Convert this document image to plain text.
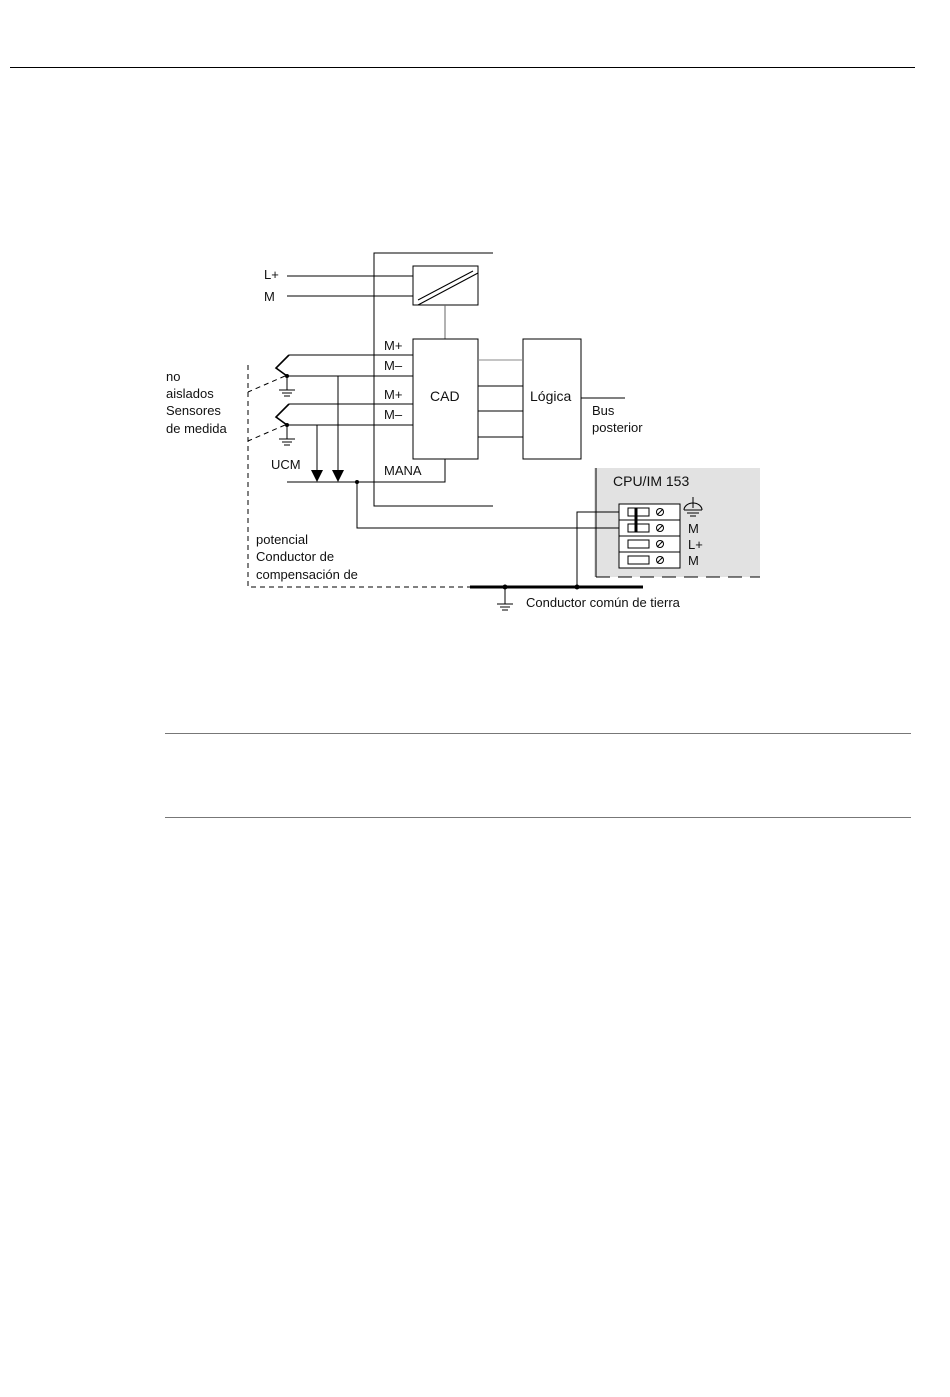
L+
M
M+
M–
M+
M–
MANA
CAD	Lógica
Bus
posterior
no
aislados
Sensores
de medida
UCM
potencial
Conductor de
compensación de
CPU/IM 153
M
L+
M
Conductor común de tierra
